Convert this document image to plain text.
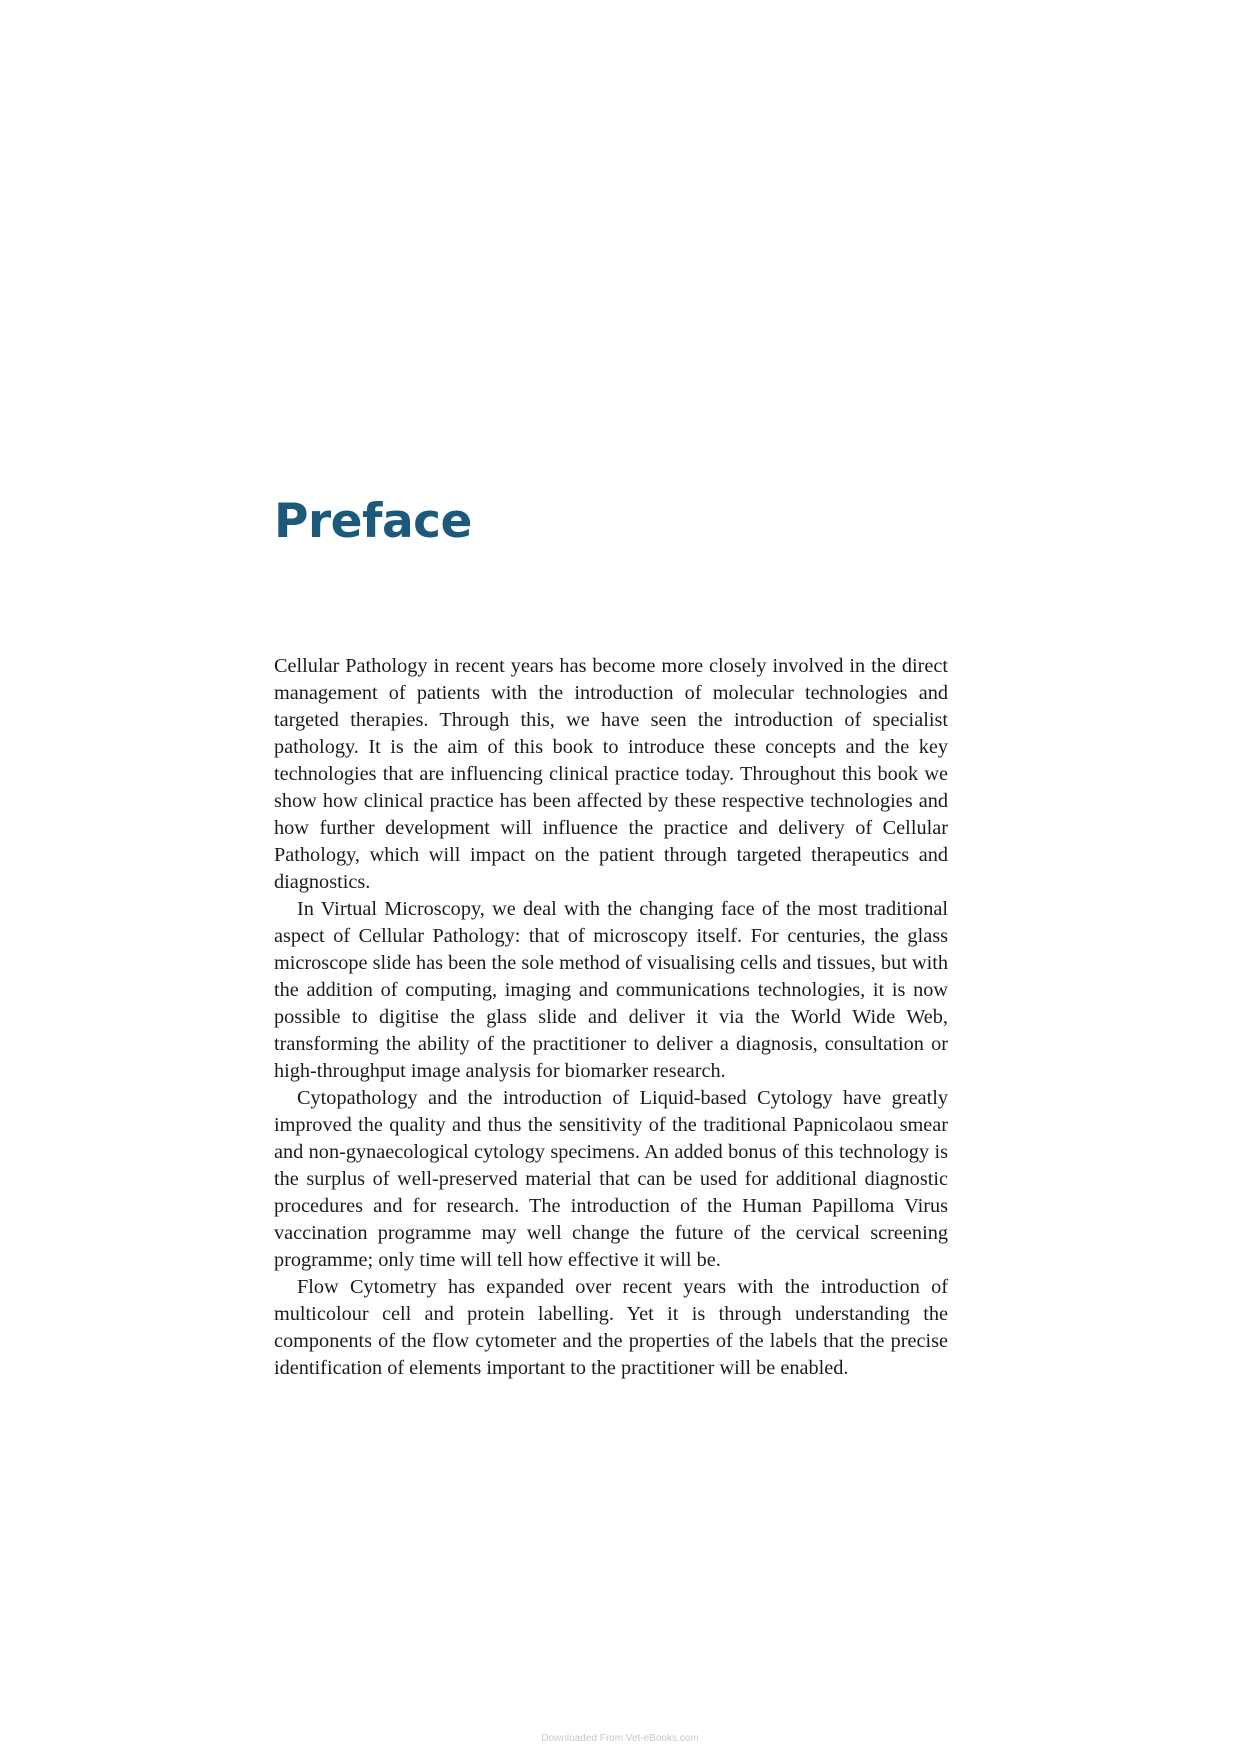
Preface

Cellular Pathology in recent years has become more closely involved in the direct management of patients with the introduction of molecular technologies and targeted therapies. Through this, we have seen the introduction of specialist pathology. It is the aim of this book to introduce these concepts and the key technologies that are influencing clinical practice today. Throughout this book we show how clinical practice has been affected by these respective technologies and how further development will influence the practice and delivery of Cellular Pathology, which will impact on the patient through targeted therapeutics and diagnostics.

In Virtual Microscopy, we deal with the changing face of the most traditional aspect of Cellular Pathology: that of microscopy itself. For centuries, the glass microscope slide has been the sole method of visualising cells and tissues, but with the addition of computing, imaging and communications technologies, it is now possible to digitise the glass slide and deliver it via the World Wide Web, transforming the ability of the practitioner to deliver a diagnosis, consultation or high-throughput image analysis for biomarker research.

Cytopathology and the introduction of Liquid-based Cytology have greatly improved the quality and thus the sensitivity of the traditional Papnicolaou smear and non-gynaecological cytology specimens. An added bonus of this technology is the surplus of well-preserved material that can be used for additional diagnostic procedures and for research. The introduction of the Human Papilloma Virus vaccination programme may well change the future of the cervical screening programme; only time will tell how effective it will be.

Flow Cytometry has expanded over recent years with the introduction of multicolour cell and protein labelling. Yet it is through understanding the components of the flow cytometer and the properties of the labels that the precise identification of elements important to the practitioner will be enabled.

Downloaded From Vet-eBooks.com
